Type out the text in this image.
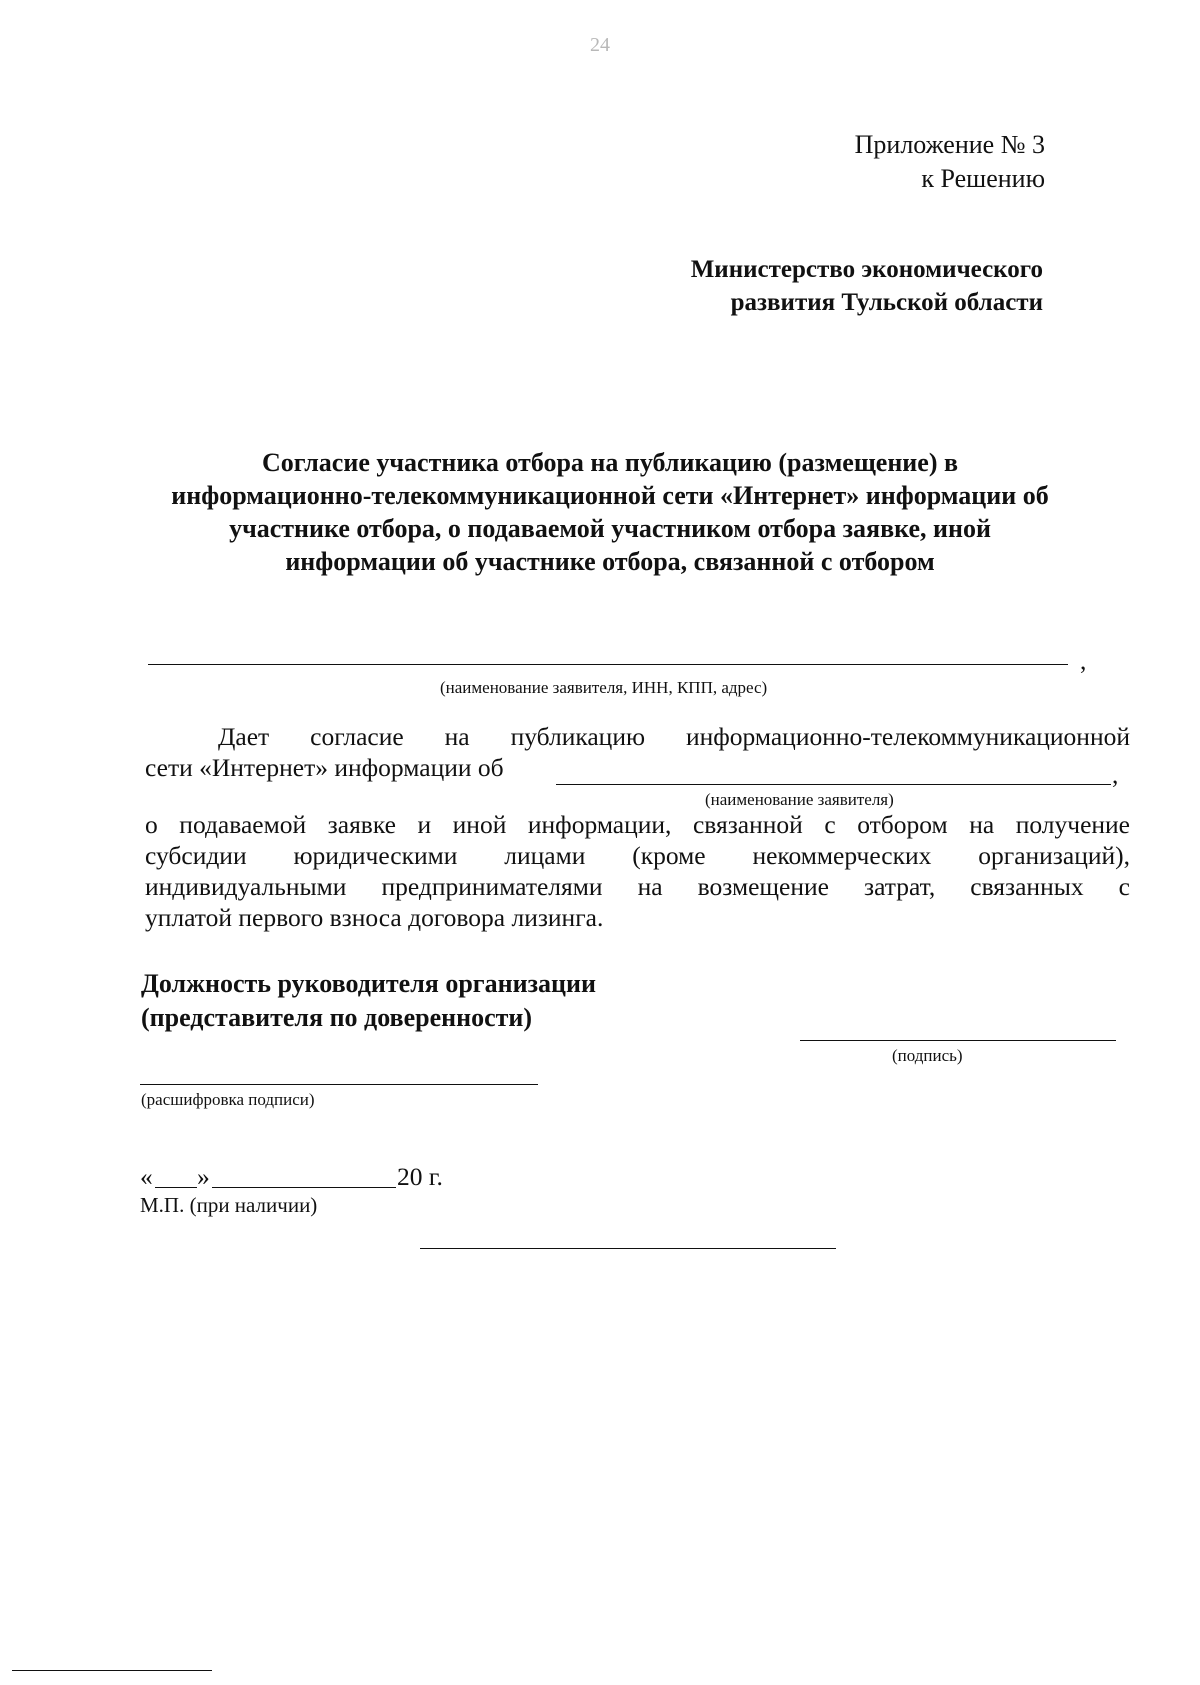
24
Приложение № 3
к Решению
Министерство экономического
развития Тульской области
Согласие участника отбора на публикацию (размещение) в
информационно-телекоммуникационной сети «Интернет» информации об
участнике отбора, о подаваемой участником отбора заявке, иной
информации об участнике отбора, связанной с отбором
,
(наименование заявителя, ИНН, КПП, адрес)
Дает согласие на публикацию информационно-телекоммуникационной
сети «Интернет» информации об	,
(наименование заявителя)
о подаваемой заявке и иной информации, связанной с отбором на получение
субсидии юридическими лицами (кроме некоммерческих организаций),
индивидуальными предпринимателями на возмещение затрат, связанных с
уплатой первого взноса договора лизинга.
Должность руководителя организации
(представителя по доверенности)
(подпись)
(расшифровка подписи)
« »	20 г.
М.П. (при наличии)
